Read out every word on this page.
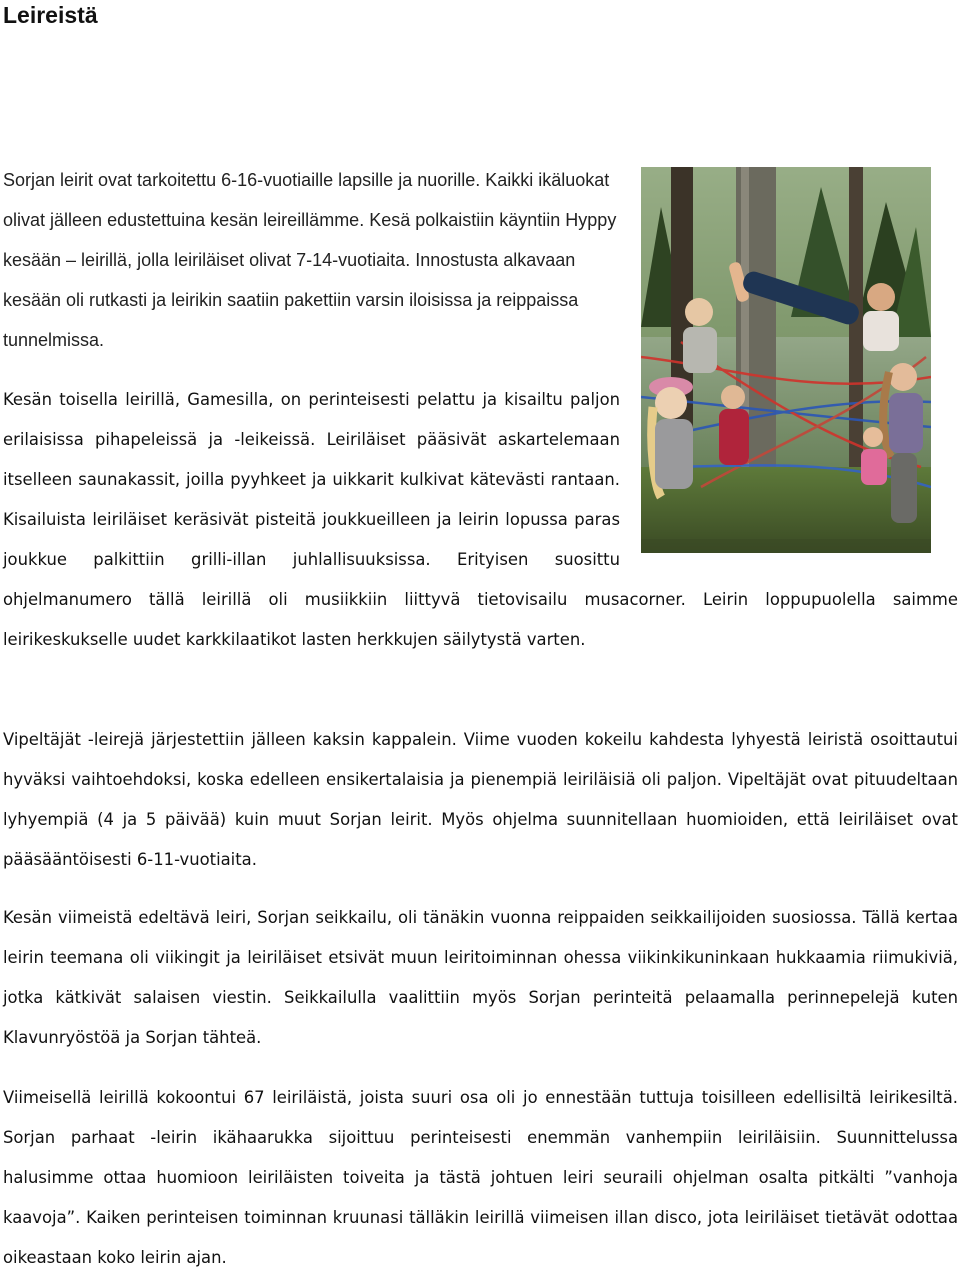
Leireistä

Sorjan leirit ovat tarkoitettu 6-16-vuotiaille lapsille ja nuorille. Kaikki ikäluokat olivat jälleen edustettuina kesän leireillämme. Kesä polkaistiin käyntiin Hyppy kesään – leirillä, jolla leiriläiset olivat 7-14-vuotiaita. Innostusta alkavaan kesään oli rutkasti ja leirikin saatiin pakettiin varsin iloisissa ja reippaissa tunnelmissa.

Kesän toisella leirillä, Gamesilla, on perinteisesti pelattu ja kisailtu paljon erilaisissa pihapeleissä ja -leikeissä. Leiriläiset pääsivät askartelemaan itselleen saunakassit, joilla pyyhkeet ja uikkarit kulkivat kätevästi rantaan. Kisailuista leiriläiset keräsivät pisteitä joukkueilleen ja leirin lopussa paras joukkue palkittiin grilli-illan juhlallisuuksissa. Erityisen suosittu ohjelmanumero tällä leirillä oli musiikkiin liittyvä tietovisailu musacorner. Leirin loppupuolella saimme leirikeskukselle uudet karkkilaatikot lasten herkkujen säilytystä varten.

Vipeltäjät -leirejä järjestettiin jälleen kaksin kappalein. Viime vuoden kokeilu kahdesta lyhyestä leiristä osoittautui hyväksi vaihtoehdoksi, koska edelleen ensikertalaisia ja pienempiä leiriläisiä oli paljon. Vipeltäjät ovat pituudeltaan lyhyempiä (4 ja 5 päivää) kuin muut Sorjan leirit. Myös ohjelma suunnitellaan huomioiden, että leiriläiset ovat pääsääntöisesti 6-11-vuotiaita.

Kesän viimeistä edeltävä leiri, Sorjan seikkailu, oli tänäkin vuonna reippaiden seikkailijoiden suosiossa. Tällä kertaa leirin teemana oli viikingit ja leiriläiset etsivät muun leiritoiminnan ohessa viikinkikuninkaan hukkaamia riimukiviä, jotka kätkivät salaisen viestin. Seikkailulla vaalittiin myös Sorjan perinteitä pelaamalla perinnepelejä kuten Klavunryöstöä ja Sorjan tähteä.

Viimeisellä leirillä kokoontui 67 leiriläistä, joista suuri osa oli jo ennestään tuttuja toisilleen edellisiltä leirikesiltä. Sorjan parhaat -leirin ikähaarukka sijoittuu perinteisesti enemmän vanhempiin leiriläisiin. Suunnittelussa halusimme ottaa huomioon leiriläisten toiveita ja tästä johtuen leiri seuraili ohjelman osalta pitkälti ”vanhoja kaavoja”. Kaiken perinteisen toiminnan kruunasi tälläkin leirillä viimeisen illan disco, jota leiriläiset tietävät odottaa oikeastaan koko leirin ajan.
